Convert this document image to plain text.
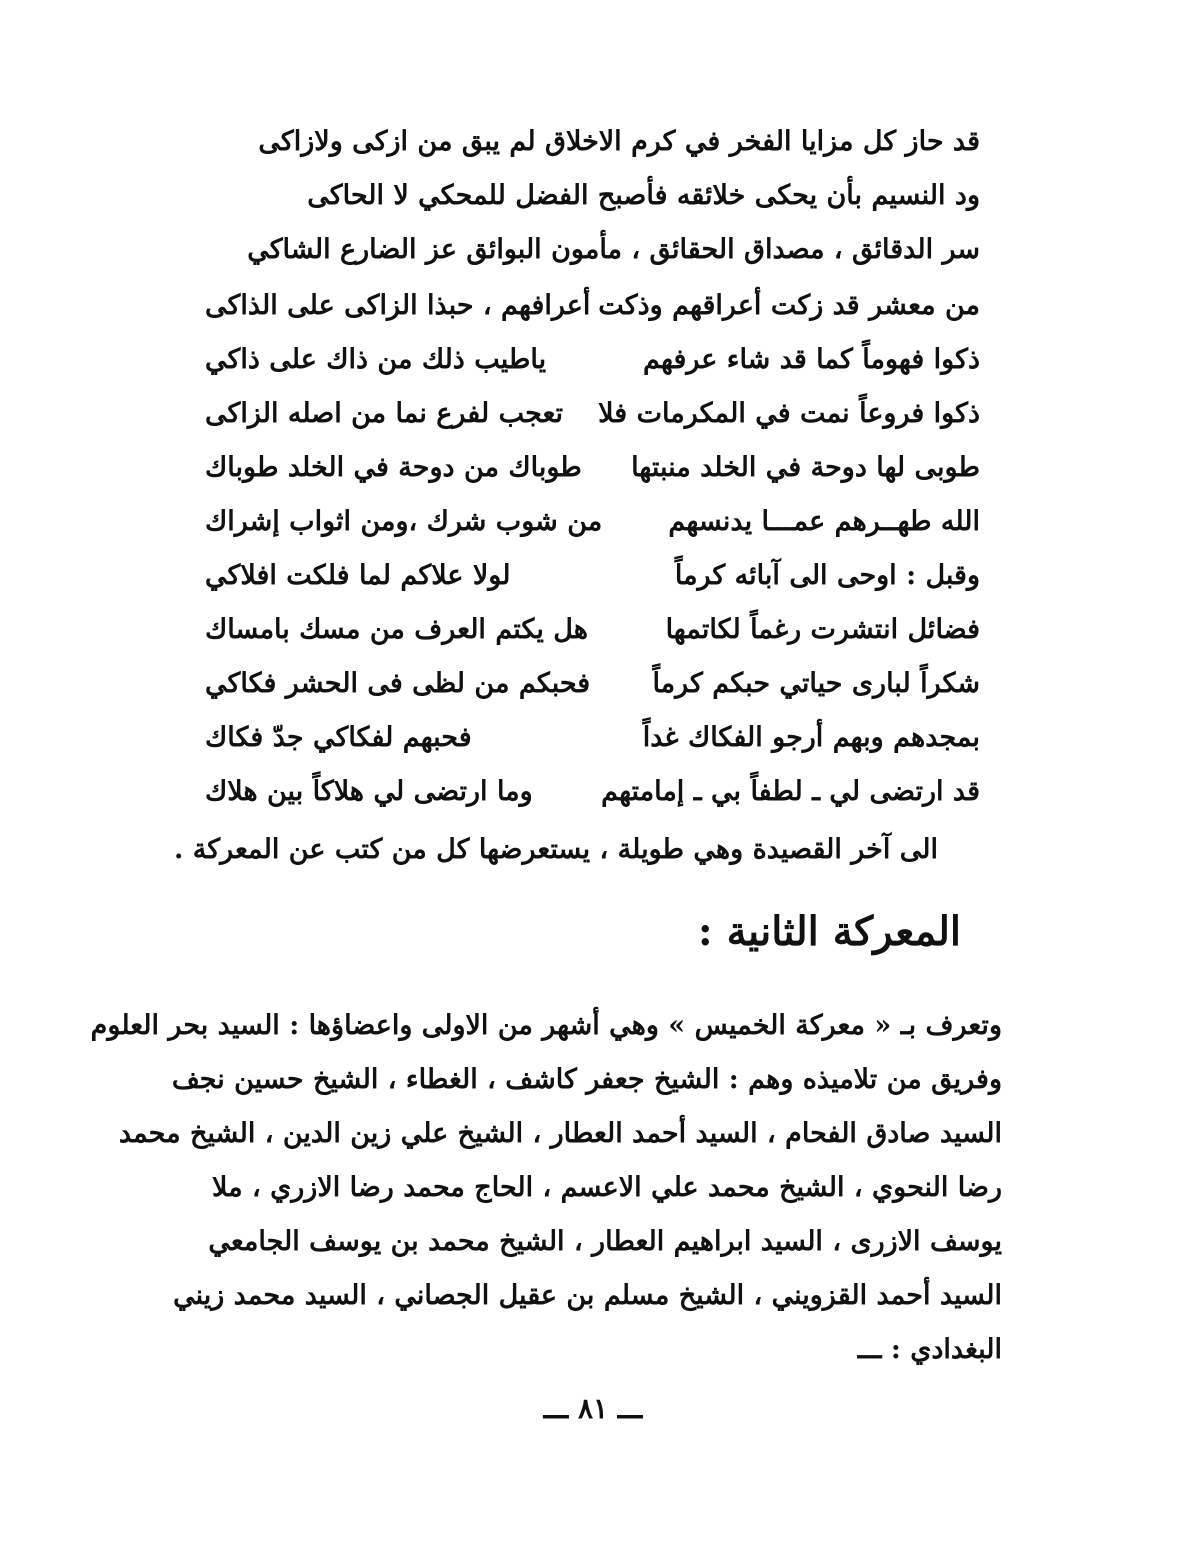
قد حاز كل مزايا الفخر في كرم الاخلاق لم يبق من ازكى ولازاكى
ود النسيم بأن يحكى خلائقه فأصبح الفضل للمحكي لا الحاكى
سر الدقائق ، مصداق الحقائق ، مأمون البوائق عز الضارع الشاكي
من معشر قد زكت أعراقهم وذكت
أعرافهم ، حبذا الزاكى على الذاكى
ذكوا فهوماً كما قد شاء عرفهم
ياطيب ذلك من ذاك على ذاكي
ذكوا فروعاً نمت في المكرمات فلا
تعجب لفرع نما من اصله الزاكى
طوبى لها دوحة في الخلد منبتها
طوباك من دوحة في الخلد طوباك
الله طهــرهم عمـــا يدنسهم
من شوب شرك ،ومن اثواب إشراك
وقبل : اوحى الى آبائه كرماً
لولا علاكم لما فلكت افلاكي
فضائل انتشرت رغماً لكاتمها
هل يكتم العرف من مسك بامساك
شكراً لبارى حياتي حبكم كرماً
فحبكم من لظى فى الحشر فكاكي
بمجدهم وبهم أرجو الفكاك غداً
فحبهم لفكاكي جدّ فكاك
قد ارتضى لي ـ لطفاً بي ـ إمامتهم
وما ارتضى لي هلاكاً بين هلاك
الى آخر القصيدة وهي طويلة ، يستعرضها كل من كتب عن المعركة .
المعركة الثانية :
وتعرف بـ « معركة الخميس » وهي أشهر من الاولى واعضاؤها : السيد بحر العلوم
وفريق من تلاميذه وهم : الشيخ جعفر كاشف ، الغطاء ، الشيخ حسين نجف
السيد صادق الفحام ، السيد أحمد العطار ، الشيخ علي زين الدين ، الشيخ محمد
رضا النحوي ، الشيخ محمد علي الاعسم ، الحاج محمد رضا الازري ، ملا
يوسف الازرى ، السيد ابراهيم العطار ، الشيخ محمد بن يوسف الجامعي
السيد أحمد القزويني ، الشيخ مسلم بن عقيل الجصاني ، السيد محمد زيني
البغدادي : ـــ
ـــ ٨١ ـــ
